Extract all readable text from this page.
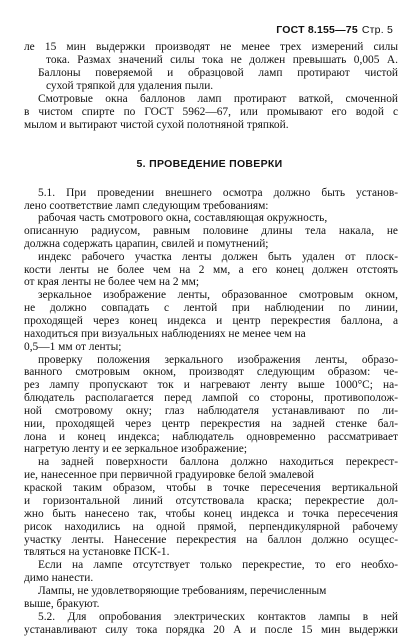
ГОСТ 8.155—75 Стр. 5
5. ПРОВЕДЕНИЕ ПОВЕРКИ
ле 15 мин выдержки производят не менее трех измерений силы
тока. Размах значений силы тока не должен превышать 0,005 А.
Баллоны поверяемой и образцовой ламп протирают чистой
сухой тряпкой для удаления пыли.
Смотровые окна баллонов ламп протирают ваткой, смоченной
в чистом спирте по ГОСТ 5962—67, или промывают его водой с
мылом и вытирают чистой сухой полотняной тряпкой.
5.1. При проведении внешнего осмотра должно быть установ-
лено соответствие ламп следующим требованиям:
рабочая часть смотрового окна, составляющая окружность,
описанную радиусом, равным половине длины тела накала, не
должна содержать царапин, свилей и помутнений;
индекс рабочего участка ленты должен быть удален от плоск-
кости ленты не более чем на 2 мм, а его конец должен отстоять
от края ленты не более чем на 2 мм;
зеркальное изображение ленты, образованное смотровым окном,
не должно совпадать с лентой при наблюдении по линии,
проходящей через конец индекса и центр перекрестия баллона, а
находиться при визуальных наблюдениях не менее чем на
0,5—1 мм от ленты;
проверку положения зеркального изображения ленты, образо-
ванного смотровым окном, производят следующим образом: че-
рез лампу пропускают ток и нагревают ленту выше 1000°С; на-
блюдатель располагается перед лампой со стороны, противополож-
ной смотровому окну; глаз наблюдателя устанавливают по ли-
нии, проходящей через центр перекрестия на задней стенке бал-
лона и конец индекса; наблюдатель одновременно рассматривает
нагретую ленту и ее зеркальное изображение;
на задней поверхности баллона должно находиться перекрест-
ие, нанесенное при первичной градуировке белой эмалевой
краской таким образом, чтобы в точке пересечения вертикальной
и горизонтальной линий отсутствовала краска; перекрестие дол-
жно быть нанесено так, чтобы конец индекса и точка пересечения
рисок находились на одной прямой, перпендикулярной рабочему
участку ленты. Нанесение перекрестия на баллон должно осущес-
твляться на установке ПСК-1.
Если на лампе отсутствует только перекрестие, то его необхо-
димо нанести.
Лампы, не удовлетворяющие требованиям, перечисленным
выше, бракуют.
5.2. Для опробования электрических контактов лампы в ней
устанавливают силу тока порядка 20 А и после 15 мин выдержки
